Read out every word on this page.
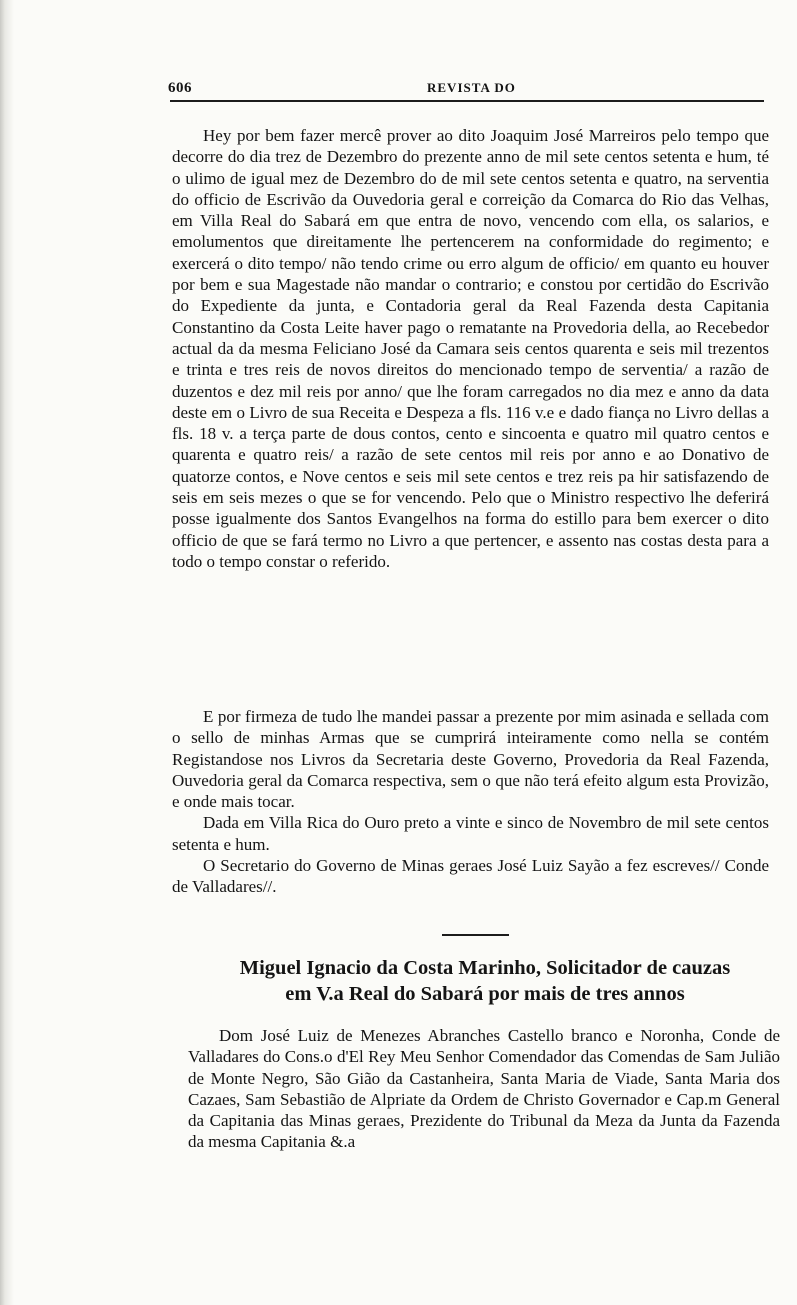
606	REVISTA DO

Hey por bem fazer mercê prover ao dito Joaquim José Marreiros pelo tempo que decorre do dia trez de Dezembro do prezente anno de mil sete centos setenta e hum, té o ulimo de igual mez de Dezembro do de mil sete centos setenta e quatro, na serventia do officio de Escrivão da Ouvedoria geral e correição da Comarca do Rio das Velhas, em Villa Real do Sabará em que entra de novo, vencendo com ella, os salarios, e emolumentos que direitamente lhe pertencerem na conformidade do regimento; e exercerá o dito tempo/ não tendo crime ou erro algum de officio/ em quanto eu houver por bem e sua Magestade não mandar o contrario; e constou por certidão do Escrivão do Expediente da junta, e Contadoria geral da Real Fazenda desta Capitania Constantino da Costa Leite haver pago o rematante na Provedoria della, ao Recebedor actual da da mesma Feliciano José da Camara seis centos quarenta e seis mil trezentos e trinta e tres reis de novos direitos do mencionado tempo de serventia/ a razão de duzentos e dez mil reis por anno/ que lhe foram carregados no dia mez e anno da data deste em o Livro de sua Receita e Despeza a fls. 116 v.e e dado fiança no Livro dellas a fls. 18 v. a terça parte de dous contos, cento e sincoenta e quatro mil quatro centos e quarenta e quatro reis/ a razão de sete centos mil reis por anno e ao Donativo de quatorze contos, e Nove centos e seis mil sete centos e trez reis pa hir satisfazendo de seis em seis mezes o que se for vencendo. Pelo que o Ministro respectivo lhe deferirá posse igualmente dos Santos Evangelhos na forma do estillo para bem exercer o dito officio de que se fará termo no Livro a que pertencer, e assento nas costas desta para a todo o tempo constar o referido.

E por firmeza de tudo lhe mandei passar a prezente por mim asinada e sellada com o sello de minhas Armas que se cumprirá inteiramente como nella se contém Registandose nos Livros da Secretaria deste Governo, Provedoria da Real Fazenda, Ouvedoria geral da Comarca respectiva, sem o que não terá efeito algum esta Provizão, e onde mais tocar.

Dada em Villa Rica do Ouro preto a vinte e sinco de Novembro de mil sete centos setenta e hum.

O Secretario do Governo de Minas geraes José Luiz Sayão a fez escreves// Conde de Valladares//.

Miguel Ignacio da Costa Marinho, Solicitador de cauzas
em V.a Real do Sabará por mais de tres annos

Dom José Luiz de Menezes Abranches Castello branco e Noronha, Conde de Valladares do Cons.o d'El Rey Meu Senhor Comendador das Comendas de Sam Julião de Monte Negro, São Gião da Castanheira, Santa Maria de Viade, Santa Maria dos Cazaes, Sam Sebastião de Alpriate da Ordem de Christo Governador e Cap.m General da Capitania das Minas geraes, Prezidente do Tribunal da Meza da Junta da Fazenda da mesma Capitania &.a
